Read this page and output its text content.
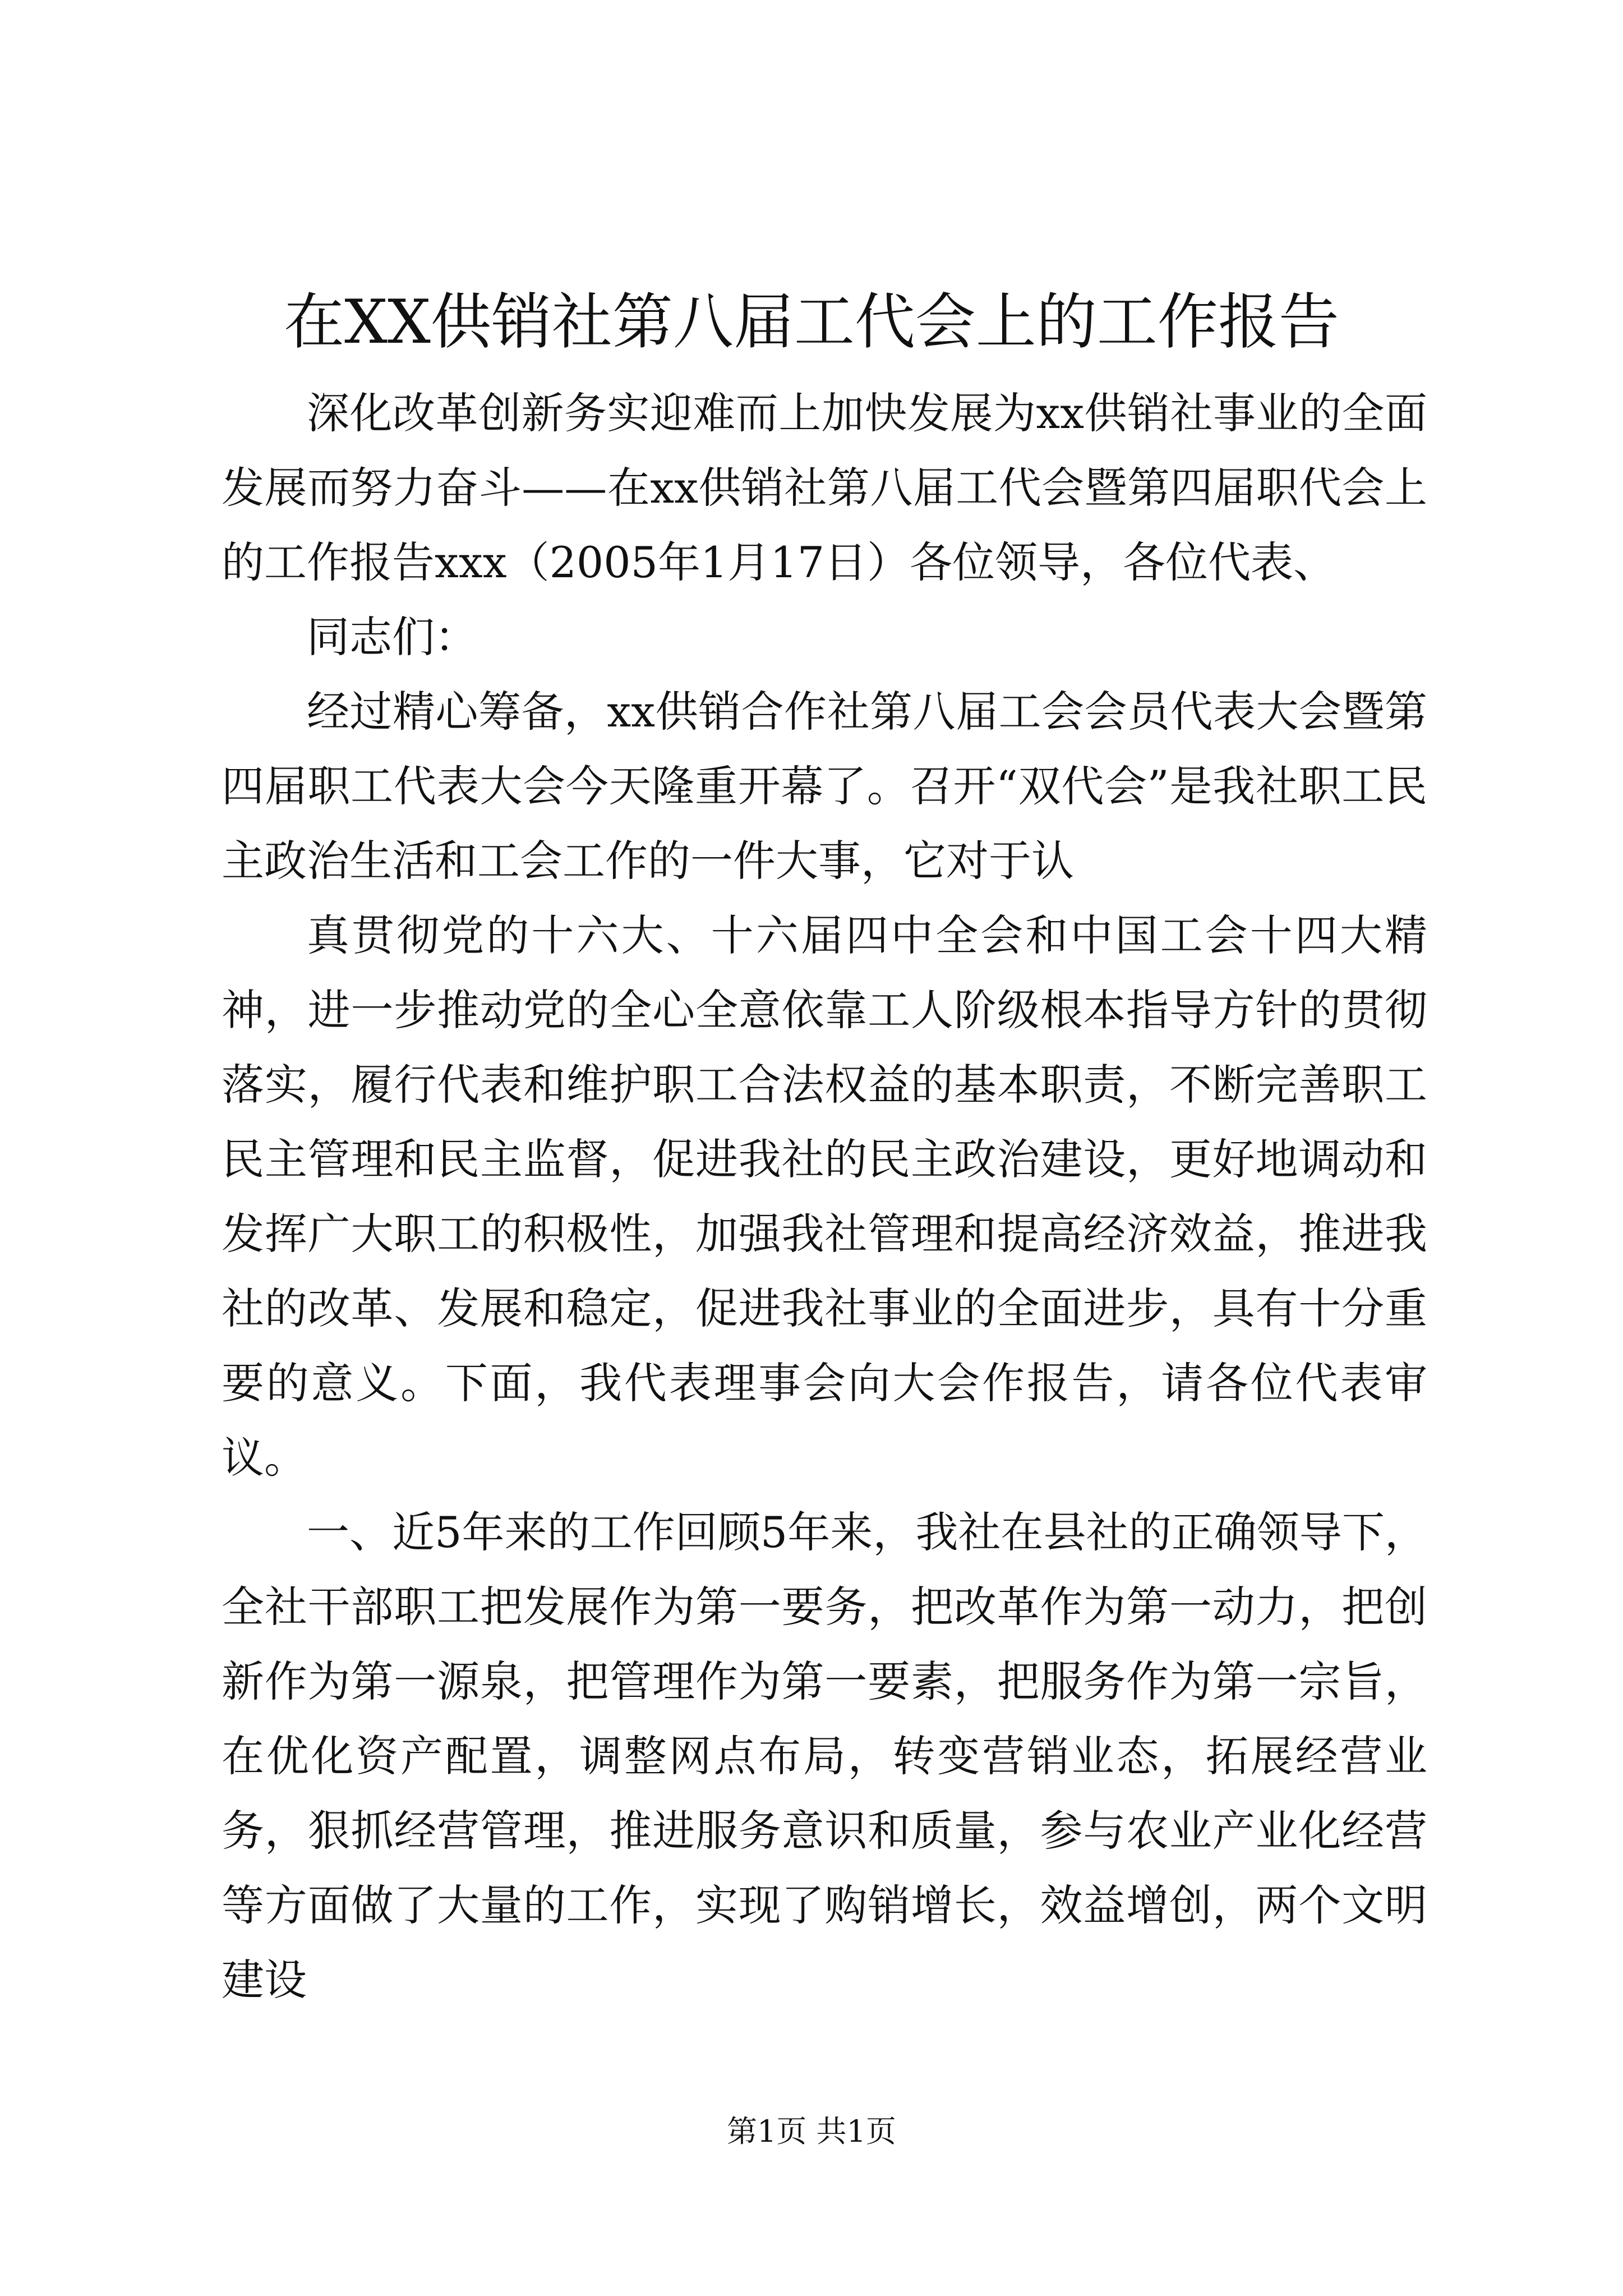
在XX供销社第八届工代会上的工作报告

深化改革创新务实迎难而上加快发展为xx供销社事业的全面发展而努力奋斗——在xx供销社第八届工代会暨第四届职代会上的工作报告xxx（2005年1月17日）各位领导，各位代表、

同志们：

经过精心筹备，xx供销合作社第八届工会会员代表大会暨第四届职工代表大会今天隆重开幕了。召开“双代会”是我社职工民主政治生活和工会工作的一件大事，它对于认

真贯彻党的十六大、十六届四中全会和中国工会十四大精神，进一步推动党的全心全意依靠工人阶级根本指导方针的贯彻落实，履行代表和维护职工合法权益的基本职责，不断完善职工民主管理和民主监督，促进我社的民主政治建设，更好地调动和发挥广大职工的积极性，加强我社管理和提高经济效益，推进我社的改革、发展和稳定，促进我社事业的全面进步，具有十分重要的意义。下面，我代表理事会向大会作报告，请各位代表审议。

一、近5年来的工作回顾5年来，我社在县社的正确领导下，全社干部职工把发展作为第一要务，把改革作为第一动力，把创新作为第一源泉，把管理作为第一要素，把服务作为第一宗旨，在优化资产配置，调整网点布局，转变营销业态，拓展经营业务，狠抓经营管理，推进服务意识和质量，参与农业产业化经营等方面做了大量的工作，实现了购销增长，效益增创，两个文明建设

第1页 共1页
